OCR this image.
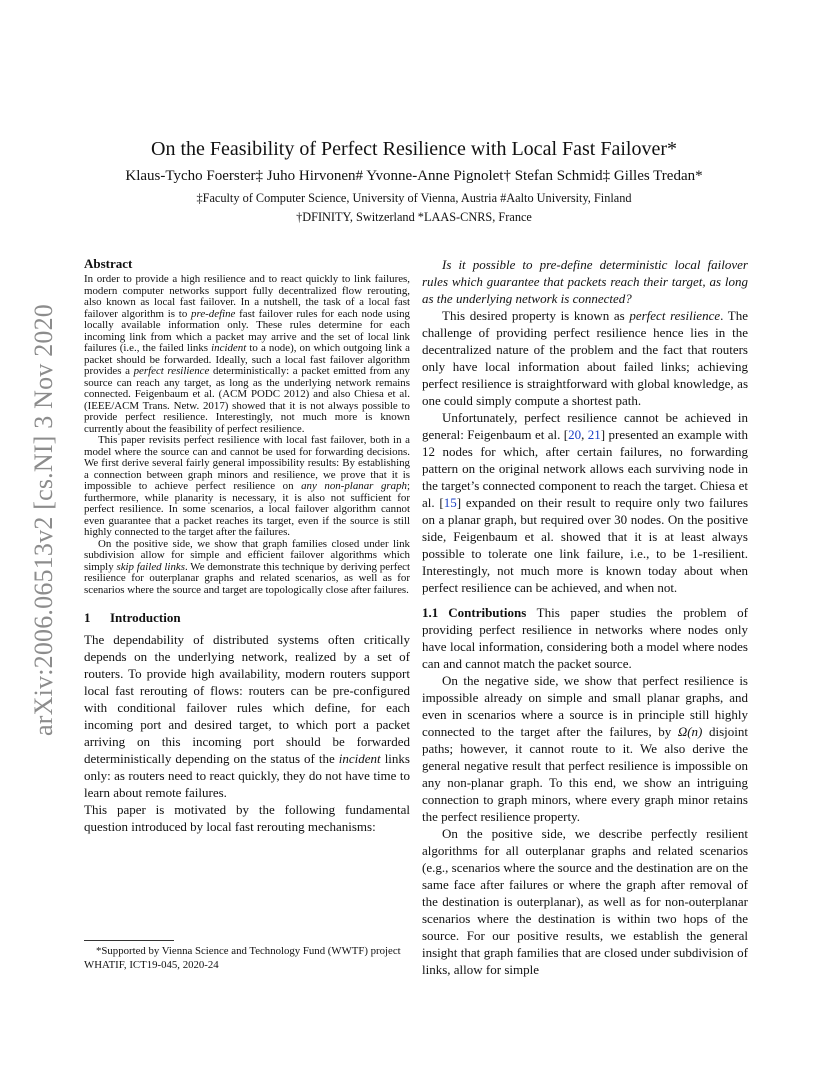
arXiv:2006.06513v2 [cs.NI] 3 Nov 2020
On the Feasibility of Perfect Resilience with Local Fast Failover*

Klaus-Tycho Foerster‡ Juho Hirvonen# Yvonne-Anne Pignolet† Stefan Schmid‡ Gilles Tredan*

‡Faculty of Computer Science, University of Vienna, Austria #Aalto University, Finland

†DFINITY, Switzerland *LAAS-CNRS, France

Abstract

In order to provide a high resilience and to react quickly to link failures, modern computer networks support fully decentralized flow rerouting, also known as local fast failover. In a nutshell, the task of a local fast failover algorithm is to pre-define fast failover rules for each node using locally available information only. These rules determine for each incoming link from which a packet may arrive and the set of local link failures (i.e., the failed links incident to a node), on which outgoing link a packet should be forwarded. Ideally, such a local fast failover algorithm provides a perfect resilience deterministically: a packet emitted from any source can reach any target, as long as the underlying network remains connected. Feigenbaum et al. (ACM PODC 2012) and also Chiesa et al. (IEEE/ACM Trans. Netw. 2017) showed that it is not always possible to provide perfect resilience. Interestingly, not much more is known currently about the feasibility of perfect resilience.

This paper revisits perfect resilience with local fast failover, both in a model where the source can and cannot be used for forwarding decisions. We first derive several fairly general impossibility results: By establishing a connection between graph minors and resilience, we prove that it is impossible to achieve perfect resilience on any non-planar graph; furthermore, while planarity is necessary, it is also not sufficient for perfect resilience. In some scenarios, a local failover algorithm cannot even guarantee that a packet reaches its target, even if the source is still highly connected to the target after the failures.

On the positive side, we show that graph families closed under link subdivision allow for simple and efficient failover algorithms which simply skip failed links. We demonstrate this technique by deriving perfect resilience for outerplanar graphs and related scenarios, as well as for scenarios where the source and target are topologically close after failures.

1 Introduction

The dependability of distributed systems often critically depends on the underlying network, realized by a set of routers. To provide high availability, modern routers support local fast rerouting of flows: routers can be pre-configured with conditional failover rules which define, for each incoming port and desired target, to which port a packet arriving on this incoming port should be forwarded deterministically depending on the status of the incident links only: as routers need to react quickly, they do not have time to learn about remote failures.

This paper is motivated by the following fundamental question introduced by local fast rerouting mechanisms:

Is it possible to pre-define deterministic local failover rules which guarantee that packets reach their target, as long as the underlying network is connected?

This desired property is known as perfect resilience. The challenge of providing perfect resilience hence lies in the decentralized nature of the problem and the fact that routers only have local information about failed links; achieving perfect resilience is straightforward with global knowledge, as one could simply compute a shortest path.

Unfortunately, perfect resilience cannot be achieved in general: Feigenbaum et al. [20, 21] presented an example with 12 nodes for which, after certain failures, no forwarding pattern on the original network allows each surviving node in the target’s connected component to reach the target. Chiesa et al. [15] expanded on their result to require only two failures on a planar graph, but required over 30 nodes. On the positive side, Feigenbaum et al. showed that it is at least always possible to tolerate one link failure, i.e., to be 1-resilient. Interestingly, not much more is known today about when perfect resilience can be achieved, and when not.

1.1 Contributions This paper studies the problem of providing perfect resilience in networks where nodes only have local information, considering both a model where nodes can and cannot match the packet source.

On the negative side, we show that perfect resilience is impossible already on simple and small planar graphs, and even in scenarios where a source is in principle still highly connected to the target after the failures, by Ω(n) disjoint paths; however, it cannot route to it. We also derive the general negative result that perfect resilience is impossible on any non-planar graph. To this end, we show an intriguing connection to graph minors, where every graph minor retains the perfect resilience property.

On the positive side, we describe perfectly resilient algorithms for all outerplanar graphs and related scenarios (e.g., scenarios where the source and the destination are on the same face after failures or where the graph after removal of the destination is outerplanar), as well as for non-outerplanar scenarios where the destination is within two hops of the source. For our positive results, we establish the general insight that graph families that are closed under subdivision of links, allow for simple

*Supported by Vienna Science and Technology Fund (WWTF) project WHATIF, ICT19-045, 2020-24
